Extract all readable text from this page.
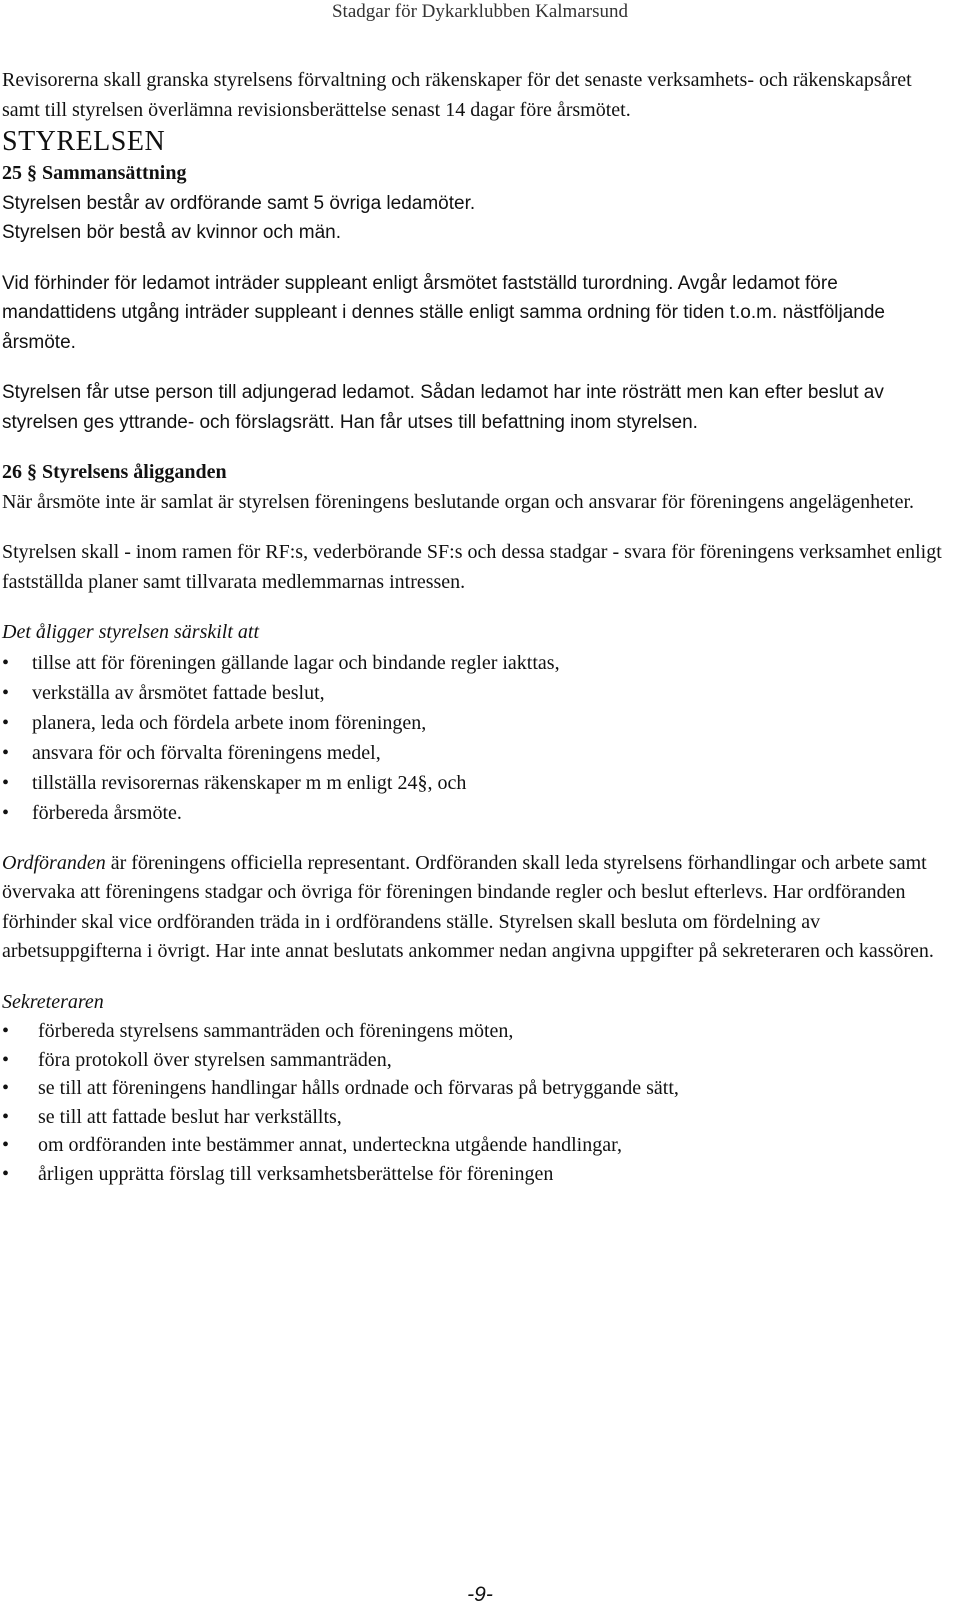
Stadgar för Dykarklubben Kalmarsund

Revisorerna skall granska styrelsens förvaltning och räkenskaper för det senaste verksamhets- och räkenskapsåret samt till styrelsen överlämna revisionsberättelse senast 14 dagar före årsmötet.

STYRELSEN

25 § Sammansättning

Styrelsen består av ordförande samt 5 övriga ledamöter.

Styrelsen bör bestå av kvinnor och män.

Vid förhinder för ledamot inträder suppleant enligt årsmötet fastställd turordning. Avgår ledamot före mandattidens utgång inträder suppleant i dennes ställe enligt samma ordning för tiden t.o.m. nästföljande årsmöte.

Styrelsen får utse person till adjungerad ledamot. Sådan ledamot har inte rösträtt men kan efter beslut av styrelsen ges yttrande- och förslagsrätt. Han får utses till befattning inom styrelsen.

26 § Styrelsens åligganden

När årsmöte inte är samlat är styrelsen föreningens beslutande organ och ansvarar för föreningens angelägenheter.

Styrelsen skall - inom ramen för RF:s, vederbörande SF:s och dessa stadgar - svara för föreningens verksamhet enligt fastställda planer samt tillvarata medlemmarnas intressen.

Det åligger styrelsen särskilt att

•	tillse att för föreningen gällande lagar och bindande regler iakttas,
•	verkställa av årsmötet fattade beslut,
•	planera, leda och fördela arbete inom föreningen,
•	ansvara för och förvalta föreningens medel,
•	tillställa revisorernas räkenskaper m m enligt 24§, och
•	förbereda årsmöte.

Ordföranden är föreningens officiella representant. Ordföranden skall leda styrelsens förhandlingar och arbete samt övervaka att föreningens stadgar och övriga för föreningen bindande regler och beslut efterlevs. Har ordföranden förhinder skal vice ordföranden träda in i ordförandens ställe. Styrelsen skall besluta om fördelning av arbetsuppgifterna i övrigt. Har inte annat beslutats ankommer nedan angivna uppgifter på sekreteraren och kassören.

Sekreteraren

•	förbereda styrelsens sammanträden och föreningens möten,
•	föra protokoll över styrelsen sammanträden,
•	se till att föreningens handlingar hålls ordnade och förvaras på betryggande sätt,
•	se till att fattade beslut har verkställts,
•	om ordföranden inte bestämmer annat, underteckna utgående handlingar,
•	årligen upprätta förslag till verksamhetsberättelse för föreningen
-9-
